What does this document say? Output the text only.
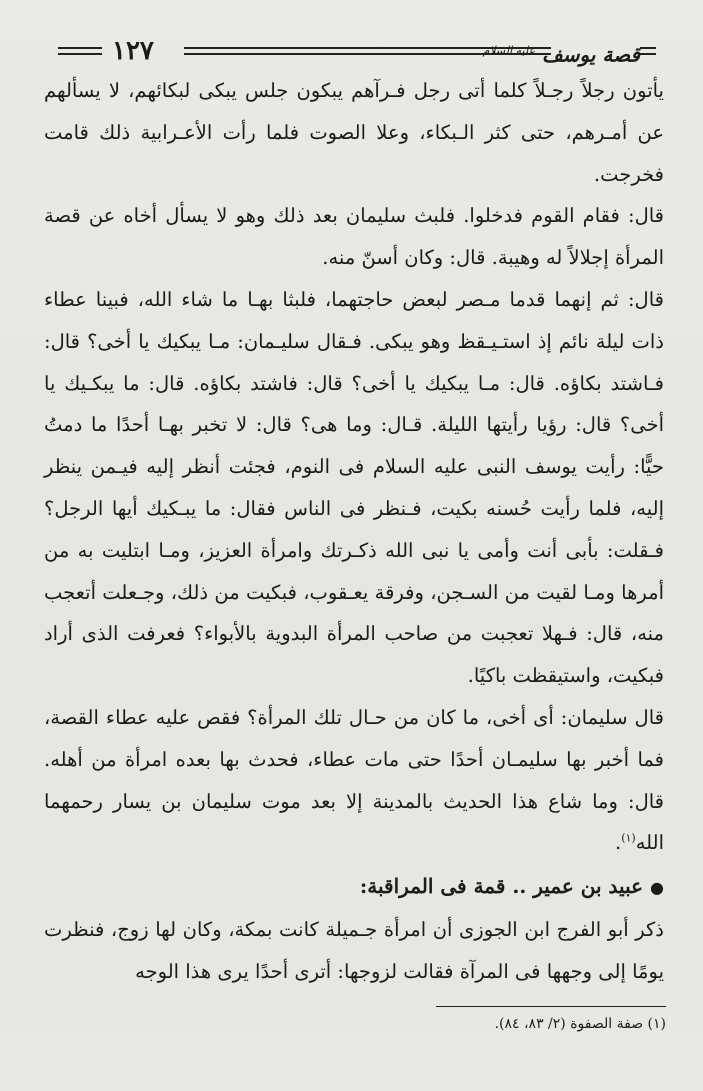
١٢٧	قصة يوسف $^{عليه السلام}$

يأتون رجلاً رجـلاً كلما أتى رجل فـرآهم يبكون جلس يبكى لبكائهم، لا يسألهم عن أمـرهم، حتى كثر الـبكاء، وعلا الصوت فلما رأت الأعـرابية ذلك قامت فخرجت.

قال: فقام القوم فدخلوا. فلبث سليمان بعد ذلك وهو لا يسأل أخاه عن قصة المرأة إجلالاً له وهيبة. قال: وكان أسنّ منه.

قال: ثم إنهما قدما مـصر لبعض حاجتهما، فلبثا بهـا ما شاء الله، فبينا عطاء ذات ليلة نائم إذ استـيـقظ وهو يبكى. فـقال سليـمان: مـا يبكيك يا أخى؟ قال: فـاشتد بكاؤه. قال: مـا يبكيك يا أخى؟ قال: فاشتد بكاؤه. قال: ما يبكـيك يا أخى؟ قال: رؤيا رأيتها الليلة. قـال: وما هى؟ قال: لا تخبر بهـا أحدًا ما دمتُ حيًّا: رأيت يوسف النبى عليه السلام فى النوم، فجئت أنظر إليه فيـمن ينظر إليه، فلما رأيت حُسنه بكيت، فـنظر فى الناس فقال: ما يبـكيك أيها الرجل؟ فـقلت: بأبى أنت وأمى يا نبى الله ذكـرتك وامرأة العزيز، ومـا ابتليت به من أمرها ومـا لقيت من السـجن، وفرقة يعـقوب، فبكيت من ذلك، وجـعلت أتعجب منه، قال: فـهلا تعجبت من صاحب المرأة البدوية بالأبواء؟ فعرفت الذى أراد فبكيت، واستيقظت باكيًا.

قال سليمان: أى أخى، ما كان من حـال تلك المرأة؟ فقص عليه عطاء القصة، فما أخبر بها سليمـان أحدًا حتى مات عطاء، فحدث بها بعده امرأة من أهله. قال: وما شاع هذا الحديث بالمدينة إلا بعد موت سليمان بن يسار رحمهما الله$^{(١)}$.

● عبيد بن عمير .. قمة فى المراقبة:

ذكر أبو الفرج ابن الجوزى أن امرأة جـميلة كانت بمكة، وكان لها زوج، فنظرت يومًا إلى وجهها فى المرآة فقالت لزوجها: أترى أحدًا يرى هذا الوجه

(١) صفة الصفوة (٢/ ٨٣، ٨٤).
